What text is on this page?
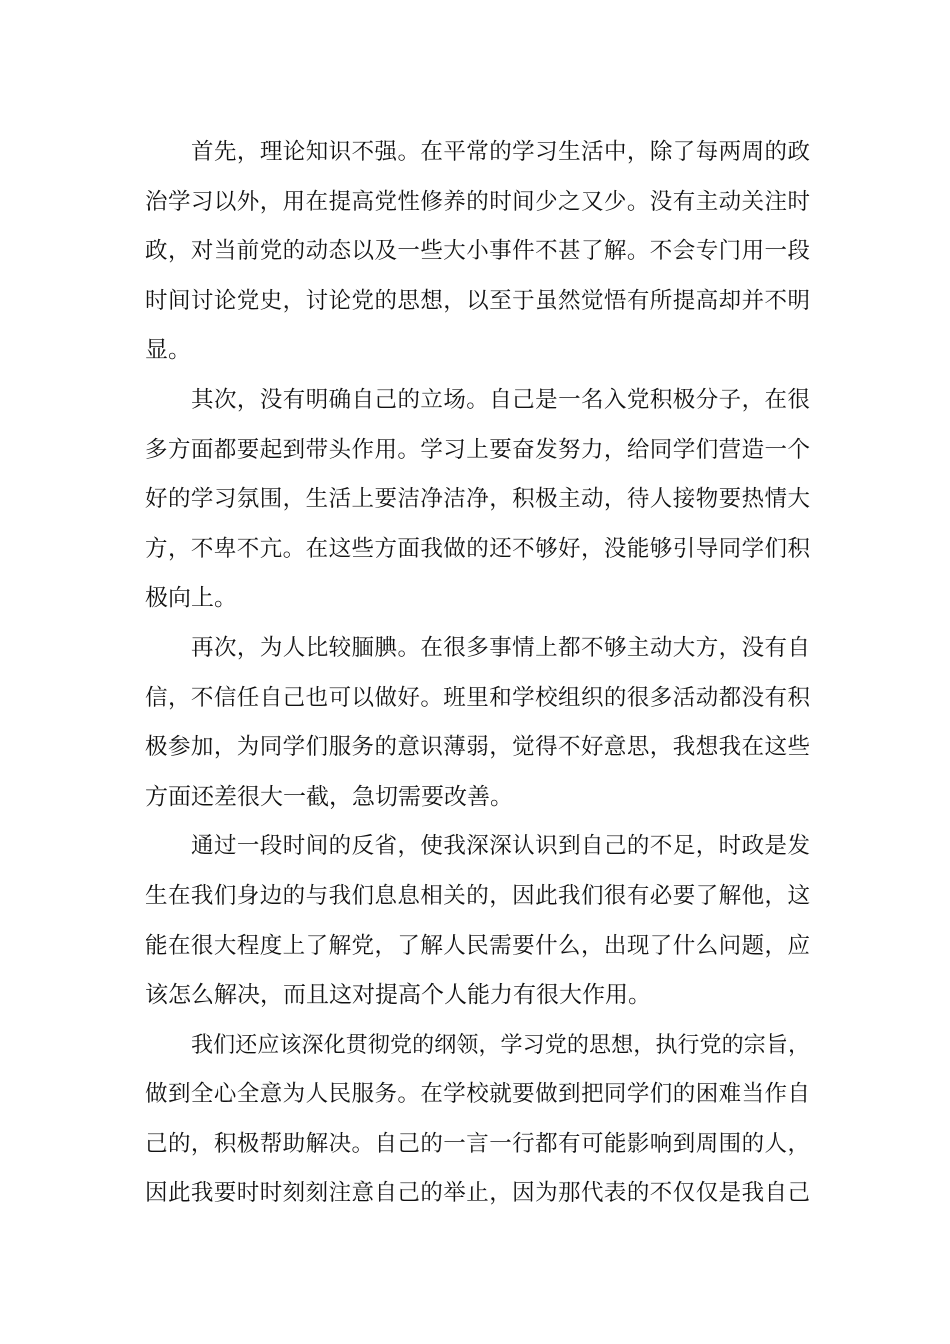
首先，理论知识不强。在平常的学习生活中，除了每两周的政
治学习以外，用在提高党性修养的时间少之又少。没有主动关注时
政，对当前党的动态以及一些大小事件不甚了解。不会专门用一段
时间讨论党史，讨论党的思想，以至于虽然觉悟有所提高却并不明
显。
其次，没有明确自己的立场。自己是一名入党积极分子，在很
多方面都要起到带头作用。学习上要奋发努力，给同学们营造一个
好的学习氛围，生活上要洁净洁净，积极主动，待人接物要热情大
方，不卑不亢。在这些方面我做的还不够好，没能够引导同学们积
极向上。
再次，为人比较腼腆。在很多事情上都不够主动大方，没有自
信，不信任自己也可以做好。班里和学校组织的很多活动都没有积
极参加，为同学们服务的意识薄弱，觉得不好意思，我想我在这些
方面还差很大一截，急切需要改善。
通过一段时间的反省，使我深深认识到自己的不足，时政是发
生在我们身边的与我们息息相关的，因此我们很有必要了解他，这
能在很大程度上了解党，了解人民需要什么，出现了什么问题，应
该怎么解决，而且这对提高个人能力有很大作用。
我们还应该深化贯彻党的纲领，学习党的思想，执行党的宗旨，
做到全心全意为人民服务。在学校就要做到把同学们的困难当作自
己的，积极帮助解决。自己的一言一行都有可能影响到周围的人，
因此我要时时刻刻注意自己的举止，因为那代表的不仅仅是我自己
